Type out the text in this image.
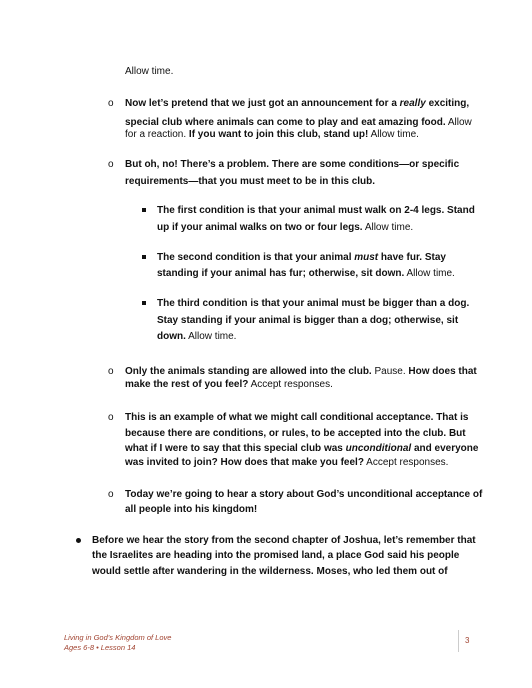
Allow time.
o Now let’s pretend that we just got an announcement for a really exciting,
special club where animals can come to play and eat amazing food. Allow
for a reaction. If you want to join this club, stand up! Allow time.
o But oh, no! There’s a problem. There are some conditions—or specific
requirements—that you must meet to be in this club.
The first condition is that your animal must walk on 2-4 legs. Stand
up if your animal walks on two or four legs. Allow time.
The second condition is that your animal must have fur. Stay
standing if your animal has fur; otherwise, sit down. Allow time.
The third condition is that your animal must be bigger than a dog.
Stay standing if your animal is bigger than a dog; otherwise, sit
down. Allow time.
o Only the animals standing are allowed into the club. Pause. How does that
make the rest of you feel? Accept responses.
o This is an example of what we might call conditional acceptance. That is
because there are conditions, or rules, to be accepted into the club. But
what if I were to say that this special club was unconditional and everyone
was invited to join? How does that make you feel? Accept responses.
o Today we’re going to hear a story about God’s unconditional acceptance of
all people into his kingdom!
Before we hear the story from the second chapter of Joshua, let’s remember that
the Israelites are heading into the promised land, a place God said his people
would settle after wandering in the wilderness. Moses, who led them out of
Living in God’s Kingdom of Love
Ages 6-8 • Lesson 14
3
